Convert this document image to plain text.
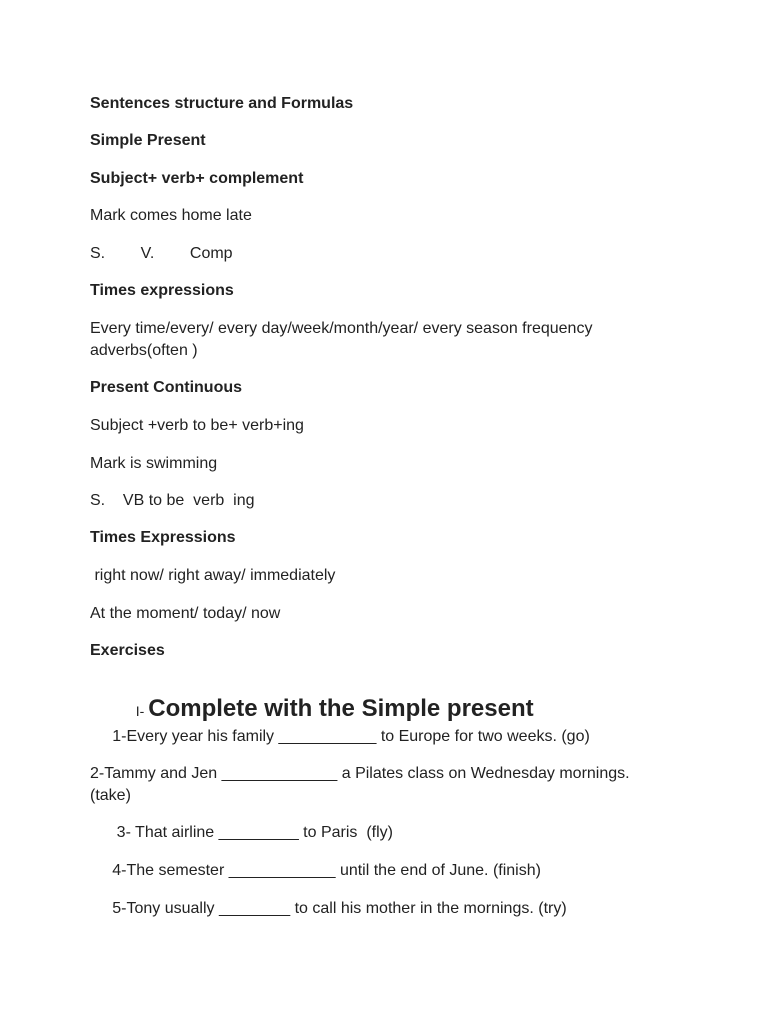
Sentences structure and Formulas
Simple Present
Subject+ verb+ complement
Mark comes home late
S.        V.        Comp
Times expressions
Every time/every/ every day/week/month/year/ every season frequency adverbs(often )
Present Continuous
Subject +verb to be+ verb+ing
Mark is swimming
S.    VB to be  verb  ing
Times Expressions
right now/ right away/ immediately
At the moment/ today/ now
Exercises

I- Complete with the Simple present

1-Every year his family ___________ to Europe for two weeks. (go)
2-Tammy and Jen _____________ a Pilates class on Wednesday mornings.(take)
3- That airline _________ to Paris  (fly)
4-The semester ____________ until the end of June. (finish)
5-Tony usually ________ to call his mother in the mornings. (try)
